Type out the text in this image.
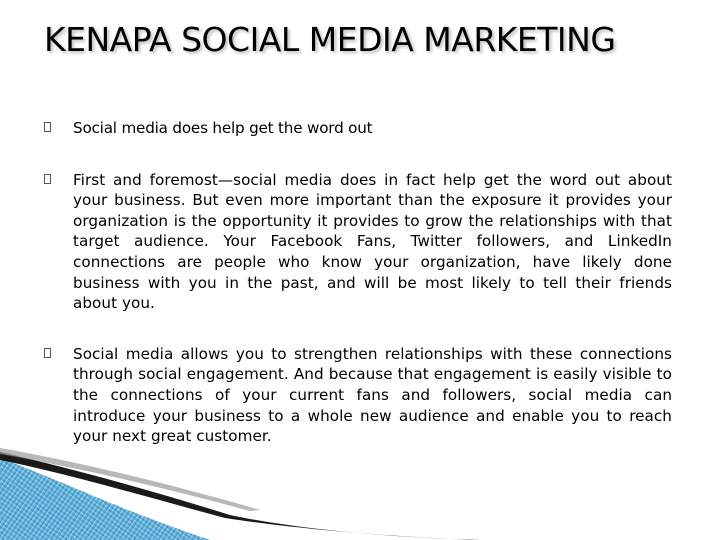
KENAPA SOCIAL MEDIA MARKETING
Social media does help get the word out
First and foremost—social media does in fact help get the word out about your business. But even more important than the exposure it provides your organization is the opportunity it provides to grow the relationships with that target audience. Your Facebook Fans, Twitter followers, and LinkedIn connections are people who know your organization, have likely done business with you in the past, and will be most likely to tell their friends about you.
Social media allows you to strengthen relationships with these connections through social engagement. And because that engagement is easily visible to the connections of your current fans and followers, social media can introduce your business to a whole new audience and enable you to reach your next great customer.
